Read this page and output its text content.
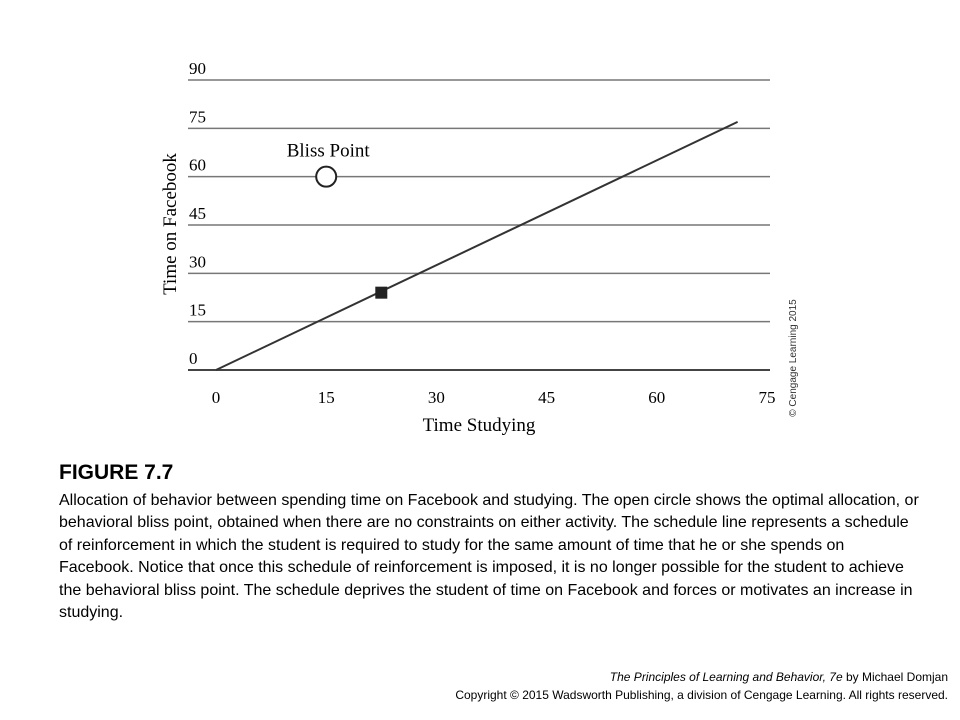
0
15
30
45
60
75
90
0	15	30	45	60	75
Bliss Point
Time on Facebook
Time Studying
© Cengage Learning 2015
FIGURE 7.7

Allocation of behavior between spending time on Facebook and studying. The open circle shows the optimal allocation, or behavioral bliss point, obtained when there are no constraints on either activity. The schedule line represents a schedule of reinforcement in which the student is required to study for the same amount of time that he or she spends on Facebook. Notice that once this schedule of reinforcement is imposed, it is no longer possible for the student to achieve the behavioral bliss point. The schedule deprives the student of time on Facebook and forces or motivates an increase in studying.

The Principles of Learning and Behavior, 7e by Michael Domjan
Copyright © 2015 Wadsworth Publishing, a division of Cengage Learning. All rights reserved.
